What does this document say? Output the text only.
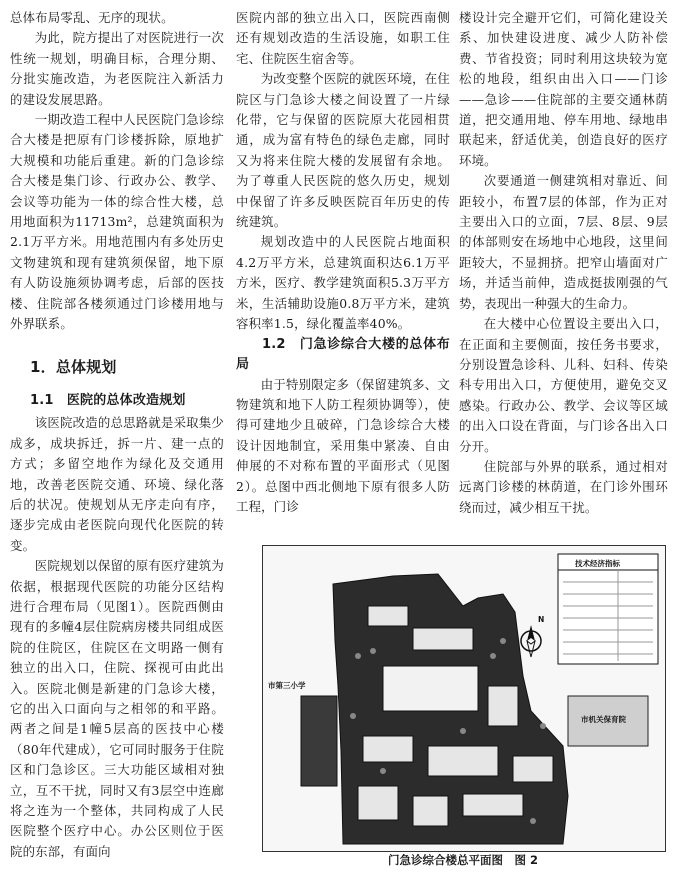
总体布局零乱、无序的现状。

为此，院方提出了对医院进行一次性统一规划，明确目标，合理分期、分批实施改造，为老医院注入新活力的建设发展思路。

一期改造工程中人民医院门急诊综合大楼是把原有门诊楼拆除，原地扩大规模和功能后重建。新的门急诊综合大楼是集门诊、行政办公、教学、会议等功能为一体的综合性大楼，总用地面积为11713m²，总建筑面积为2.1万平方米。用地范围内有多处历史文物建筑和现有建筑须保留，地下原有人防设施须协调考虑，后部的医技楼、住院部各楼须通过门诊楼用地与外界联系。

1．总体规划
1.1　医院的总体改造规划

该医院改造的总思路就是采取集少成多，成块拆迁，拆一片、建一点的方式；多留空地作为绿化及交通用地，改善老医院交通、环境、绿化落后的状况。使规划从无序走向有序，逐步完成由老医院向现代化医院的转变。

医院规划以保留的原有医疗建筑为依据，根据现代医院的功能分区结构进行合理布局（见图1）。医院西侧由现有的多幢4层住院病房楼共同组成医院的住院区，住院区在文明路一侧有独立的出入口，住院、探视可由此出入。医院北侧是新建的门急诊大楼，它的出入口面向与之相邻的和平路。两者之间是1幢5层高的医技中心楼（80年代建成），它可同时服务于住院区和门急诊区。三大功能区域相对独立，互不干扰，同时又有3层空中连廊将之连为一个整体，共同构成了人民医院整个医疗中心。办公区则位于医院的东部，有面向

医院内部的独立出入口，医院西南侧还有规划改造的生活设施，如职工住宅、住院医生宿舍等。

为改变整个医院的就医环境，在住院区与门急诊大楼之间设置了一片绿化带，它与保留的医院原大花园相贯通，成为富有特色的绿色走廊，同时又为将来住院大楼的发展留有余地。为了尊重人民医院的悠久历史，规划中保留了许多反映医院百年历史的传统建筑。

规划改造中的人民医院占地面积4.2万平方米，总建筑面积达6.1万平方米，医疗、教学建筑面积5.3万平方米，生活辅助设施0.8万平方米，建筑容积率1.5，绿化覆盖率40%。

1.2　门急诊综合大楼的总体布局

由于特别限定多（保留建筑多、文物建筑和地下人防工程须协调等），使得可建地少且破碎，门急诊综合大楼设计因地制宜，采用集中紧凑、自由伸展的不对称布置的平面形式（见图2）。总图中西北侧地下原有很多人防工程，门诊

楼设计完全避开它们，可简化建设关系、加快建设进度、减少人防补偿费、节省投资；同时利用这块较为宽松的地段，组织由出入口——门诊——急诊——住院部的主要交通林荫道，把交通用地、停车用地、绿地串联起来，舒适优美，创造良好的医疗环境。

次要通道一侧建筑相对靠近、间距较小，布置7层的体部，作为正对主要出入口的立面，7层、8层、9层的体部则安在场地中心地段，这里间距较大，不显拥挤。把窄山墙面对广场，并适当前伸，造成挺拔刚强的气势，表现出一种强大的生命力。

在大楼中心位置设主要出入口，在正面和主要侧面，按任务书要求，分别设置急诊科、儿科、妇科、传染科专用出入口，方便使用，避免交叉感染。行政办公、教学、会议等区域的出入口设在背面，与门诊各出入口分开。

住院部与外界的联系，通过相对远离门诊楼的林荫道，在门诊外围环绕而过，减少相互干扰。

N
技术经济指标
市第三小学
市机关保育院
门急诊综合楼总平面图　图 2
